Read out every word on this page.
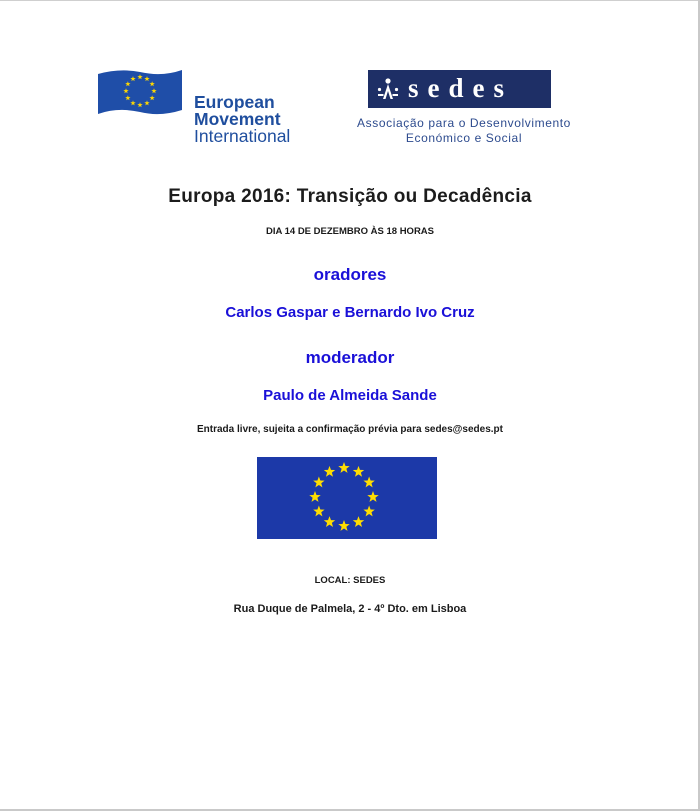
European
Movement
International
sedes
Associação para o Desenvolvimento
Económico e Social
Europa 2016: Transição ou Decadência
DIA 14 DE DEZEMBRO ÀS 18 HORAS
oradores
Carlos Gaspar e Bernardo Ivo Cruz
moderador
Paulo de Almeida Sande
Entrada livre, sujeita a confirmação prévia para sedes@sedes.pt
LOCAL: SEDES
Rua Duque de Palmela, 2 - 4º Dto. em Lisboa
